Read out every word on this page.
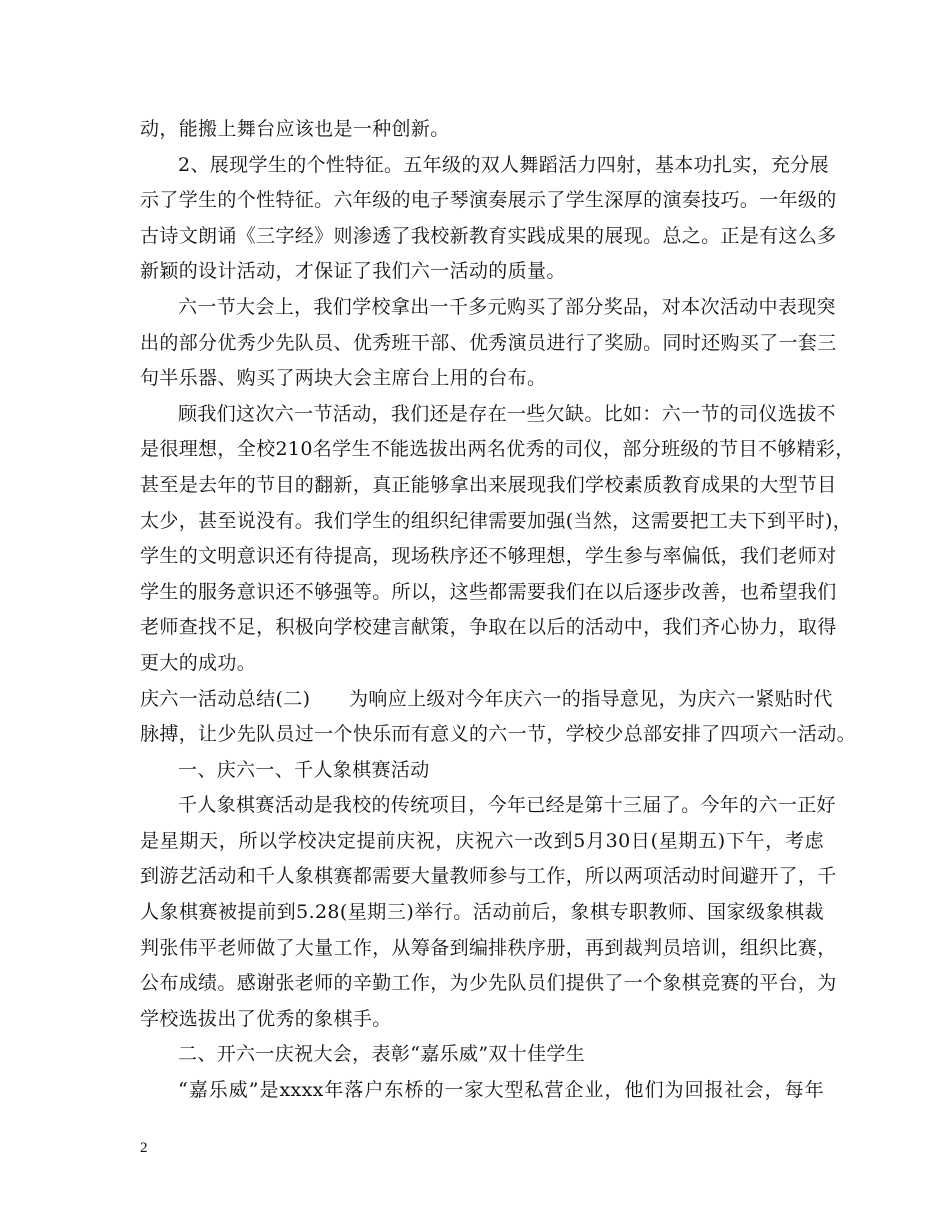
动，能搬上舞台应该也是一种创新。
2、展现学生的个性特征。五年级的双人舞蹈活力四射，基本功扎实，充分展
示了学生的个性特征。六年级的电子琴演奏展示了学生深厚的演奏技巧。一年级的
古诗文朗诵《三字经》则渗透了我校新教育实践成果的展现。总之。正是有这么多
新颖的设计活动，才保证了我们六一活动的质量。
六一节大会上，我们学校拿出一千多元购买了部分奖品，对本次活动中表现突
出的部分优秀少先队员、优秀班干部、优秀演员进行了奖励。同时还购买了一套三
句半乐器、购买了两块大会主席台上用的台布。
顾我们这次六一节活动，我们还是存在一些欠缺。比如：六一节的司仪选拔不
是很理想，全校210名学生不能选拔出两名优秀的司仪，部分班级的节目不够精彩，
甚至是去年的节目的翻新，真正能够拿出来展现我们学校素质教育成果的大型节目
太少，甚至说没有。我们学生的组织纪律需要加强(当然，这需要把工夫下到平时)，
学生的文明意识还有待提高，现场秩序还不够理想，学生参与率偏低，我们老师对
学生的服务意识还不够强等。所以，这些都需要我们在以后逐步改善，也希望我们
老师查找不足，积极向学校建言献策，争取在以后的活动中，我们齐心协力，取得
更大的成功。
庆六一活动总结(二)　　为响应上级对今年庆六一的指导意见，为庆六一紧贴时代
脉搏，让少先队员过一个快乐而有意义的六一节，学校少总部安排了四项六一活动。
一、庆六一、千人象棋赛活动
千人象棋赛活动是我校的传统项目，今年已经是第十三届了。今年的六一正好
是星期天，所以学校决定提前庆祝，庆祝六一改到5月30日(星期五)下午，考虑
到游艺活动和千人象棋赛都需要大量教师参与工作，所以两项活动时间避开了，千
人象棋赛被提前到5.28(星期三)举行。活动前后，象棋专职教师、国家级象棋裁
判张伟平老师做了大量工作，从筹备到编排秩序册，再到裁判员培训，组织比赛，
公布成绩。感谢张老师的辛勤工作，为少先队员们提供了一个象棋竞赛的平台，为
学校选拔出了优秀的象棋手。
二、开六一庆祝大会，表彰“嘉乐威”双十佳学生
“嘉乐威”是xxxx年落户东桥的一家大型私营企业，他们为回报社会，每年
2
